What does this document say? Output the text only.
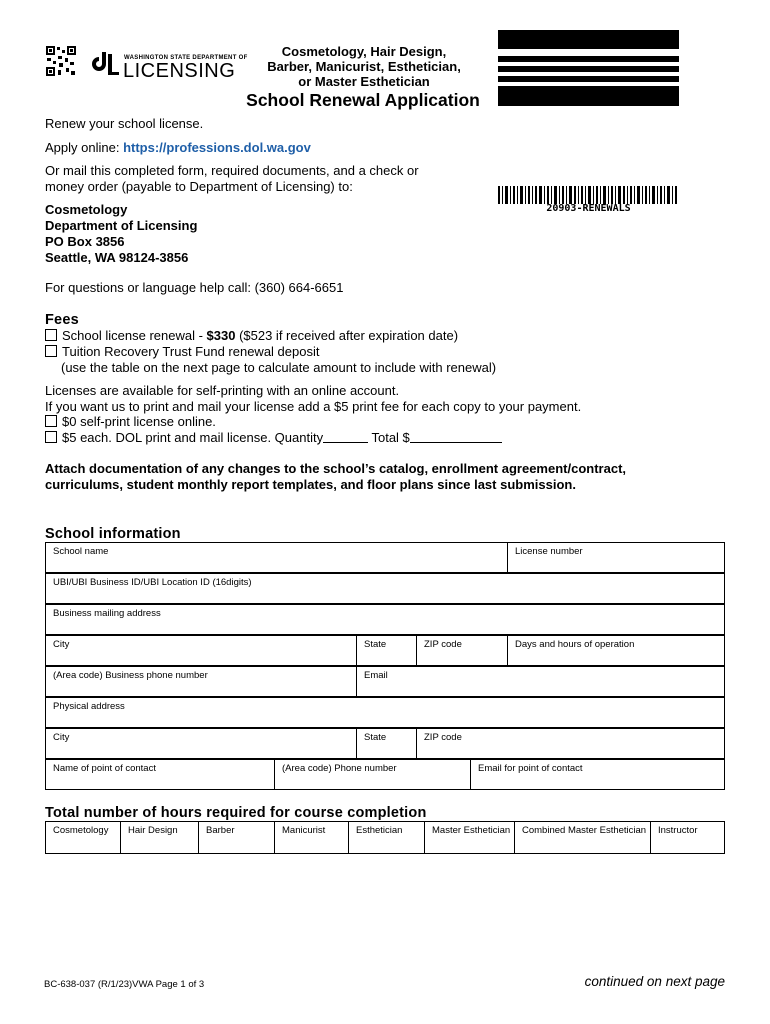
WASHINGTON STATE DEPARTMENT OF
LICENSING
Cosmetology, Hair Design,
Barber, Manicurist, Esthetician,
or Master Esthetician
School Renewal Application
20903-RENEWALS
Renew your school license.
Apply online: https://professions.dol.wa.gov
Or mail this completed form, required documents, and a check or
money order (payable to Department of Licensing) to:
Cosmetology
Department of Licensing
PO Box 3856
Seattle, WA 98124-3856
For questions or language help call: (360) 664-6651
Fees
School license renewal - $330 ($523 if received after expiration date)
Tuition Recovery Trust Fund renewal deposit
(use the table on the next page to calculate amount to include with renewal)
Licenses are available for self-printing with an online account.
If you want us to print and mail your license add a $5 print fee for each copy to your payment.
$0 self-print license online.
$5 each. DOL print and mail license. Quantity	Total $
Attach documentation of any changes to the school’s catalog, enrollment agreement/contract,
curriculums, student monthly report templates, and floor plans since last submission.
School information
School name	License number
UBI/UBI Business ID/UBI Location ID (16digits)
Business mailing address
City	State	ZIP code	Days and hours of operation
(Area code) Business phone number	Email
Physical address
City	State	ZIP code
Name of point of contact	(Area code) Phone number	Email for point of contact
Total number of hours required for course completion
Cosmetology	Hair Design	Barber	Manicurist	Esthetician	Master Esthetician	Combined Master Esthetician	Instructor
BC-638-037 (R/1/23)VWA Page 1 of 3	continued on next page
